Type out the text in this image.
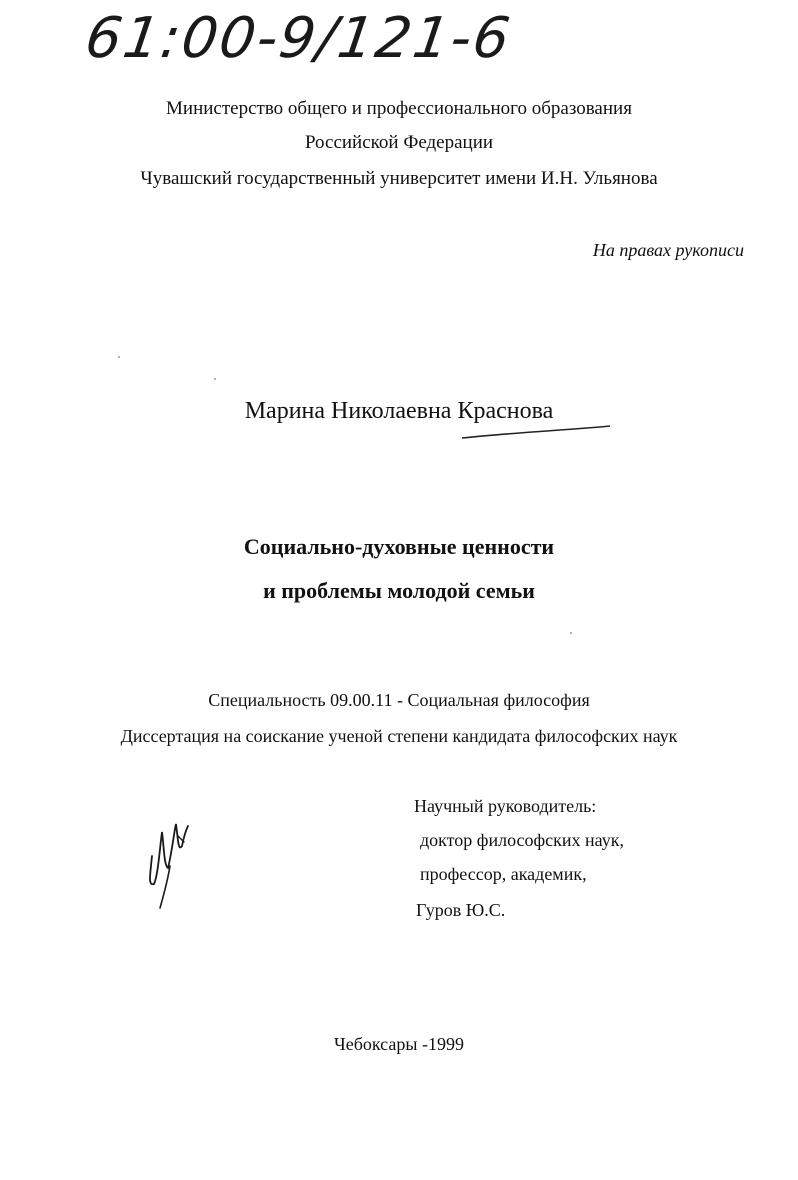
61:00-9/121-6
Министерство общего и профессионального образования
Российской Федерации
Чувашский государственный университет имени И.Н. Ульянова
На правах рукописи
Марина Николаевна Краснова
Социально-духовные ценности
и проблемы молодой семьи
Специальность 09.00.11 - Социальная философия
Диссертация на соискание ученой степени кандидата философских наук
Научный руководитель:
доктор философских наук,
профессор, академик,
Гуров Ю.С.
Чебоксары -1999
